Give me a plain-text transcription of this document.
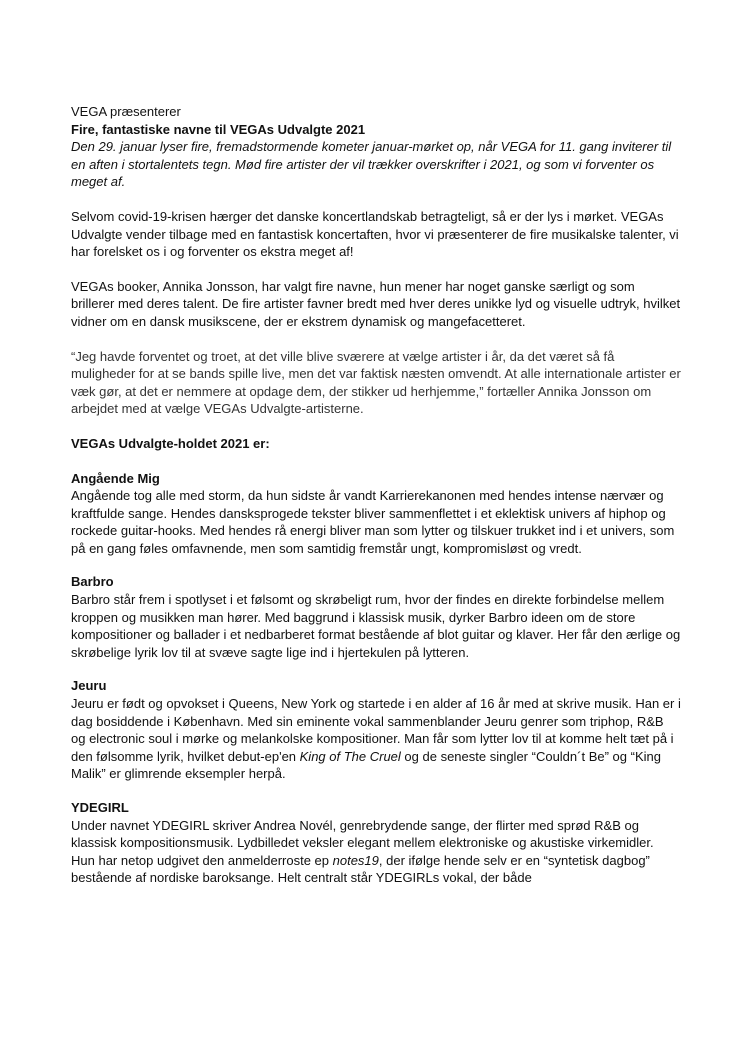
VEGA præsenterer

Fire, fantastiske navne til VEGAs Udvalgte 2021

Den 29. januar lyser fire, fremadstormende kometer januar-mørket op, når VEGA for 11. gang inviterer til en aften i stortalentets tegn. Mød fire artister der vil trækker overskrifter i 2021, og som vi forventer os meget af.

Selvom covid-19-krisen hærger det danske koncertlandskab betragteligt, så er der lys i mørket. VEGAs Udvalgte vender tilbage med en fantastisk koncertaften, hvor vi præsenterer de fire musikalske talenter, vi har forelsket os i og forventer os ekstra meget af!

VEGAs booker, Annika Jonsson, har valgt fire navne, hun mener har noget ganske særligt og som brillerer med deres talent. De fire artister favner bredt med hver deres unikke lyd og visuelle udtryk, hvilket vidner om en dansk musikscene, der er ekstrem dynamisk og mangefacetteret.

“Jeg havde forventet og troet, at det ville blive sværere at vælge artister i år, da det været så få muligheder for at se bands spille live, men det var faktisk næsten omvendt. At alle internationale artister er væk gør, at det er nemmere at opdage dem, der stikker ud herhjemme,” fortæller Annika Jonsson om arbejdet med at vælge VEGAs Udvalgte-artisterne.

VEGAs Udvalgte-holdet 2021 er:

Angående Mig

Angående tog alle med storm, da hun sidste år vandt Karrierekanonen med hendes intense nærvær og kraftfulde sange. Hendes dansksprogede tekster bliver sammenflettet i et eklektisk univers af hiphop og rockede guitar-hooks. Med hendes rå energi bliver man som lytter og tilskuer trukket ind i et univers, som på en gang føles omfavnende, men som samtidig fremstår ungt, kompromisløst og vredt.

Barbro

Barbro står frem i spotlyset i et følsomt og skrøbeligt rum, hvor der findes en direkte forbindelse mellem kroppen og musikken man hører. Med baggrund i klassisk musik, dyrker Barbro ideen om de store kompositioner og ballader i et nedbarberet format bestående af blot guitar og klaver. Her får den ærlige og skrøbelige lyrik lov til at svæve sagte lige ind i hjertekulen på lytteren.

Jeuru

Jeuru er født og opvokset i Queens, New York og startede i en alder af 16 år med at skrive musik. Han er i dag bosiddende i København. Med sin eminente vokal sammenblander Jeuru genrer som triphop, R&B og electronic soul i mørke og melankolske kompositioner. Man får som lytter lov til at komme helt tæt på i den følsomme lyrik, hvilket debut-ep'en King of The Cruel og de seneste singler “Couldn´t Be” og “King Malik” er glimrende eksempler herpå.

YDEGIRL

Under navnet YDEGIRL skriver Andrea Novél, genrebrydende sange, der flirter med sprød R&B og klassisk kompositionsmusik. Lydbilledet veksler elegant mellem elektroniske og akustiske virkemidler. Hun har netop udgivet den anmelderroste ep notes19, der ifølge hende selv er en “syntetisk dagbog” bestående af nordiske baroksange. Helt centralt står YDEGIRLs vokal, der både
